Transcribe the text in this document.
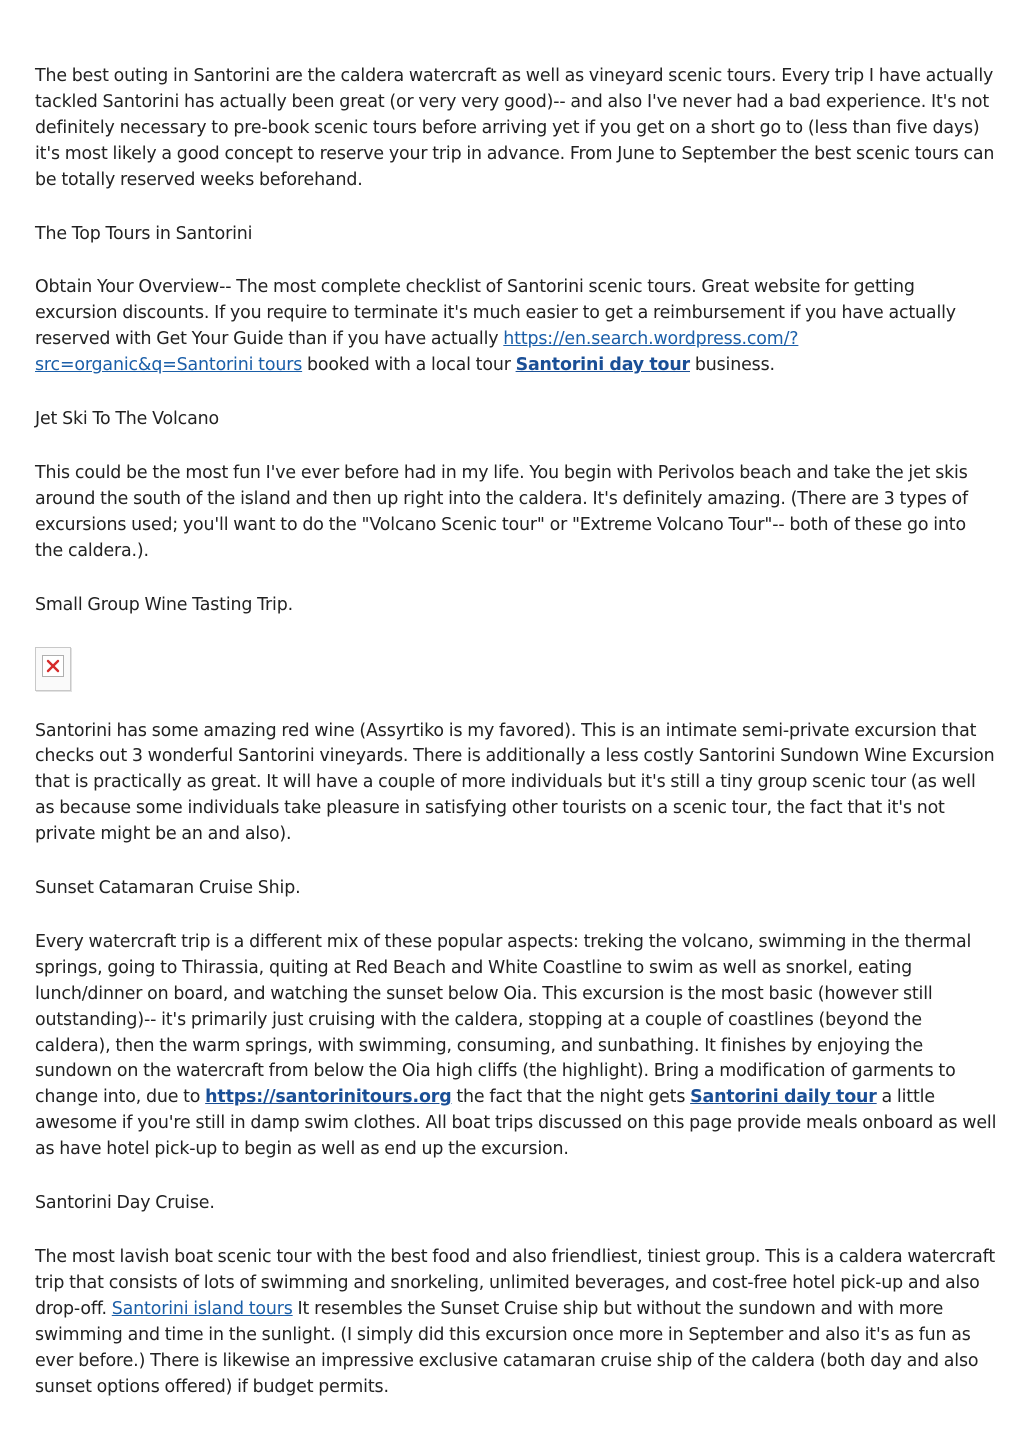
The best outing in Santorini are the caldera watercraft as well as vineyard scenic tours. Every trip I have actually tackled Santorini has actually been great (or very very good)-- and also I've never had a bad experience. It's not definitely necessary to pre-book scenic tours before arriving yet if you get on a short go to (less than five days) it's most likely a good concept to reserve your trip in advance. From June to September the best scenic tours can be totally reserved weeks beforehand.

The Top Tours in Santorini

Obtain Your Overview-- The most complete checklist of Santorini scenic tours. Great website for getting excursion discounts. If you require to terminate it's much easier to get a reimbursement if you have actually reserved with Get Your Guide than if you have actually https://en.search.wordpress.com/?src=organic&q=Santorini tours booked with a local tour Santorini day tour business.

Jet Ski To The Volcano

This could be the most fun I've ever before had in my life. You begin with Perivolos beach and take the jet skis around the south of the island and then up right into the caldera. It's definitely amazing. (There are 3 types of excursions used; you'll want to do the "Volcano Scenic tour" or "Extreme Volcano Tour"-- both of these go into the caldera.).

Small Group Wine Tasting Trip.

Santorini has some amazing red wine (Assyrtiko is my favored). This is an intimate semi-private excursion that checks out 3 wonderful Santorini vineyards. There is additionally a less costly Santorini Sundown Wine Excursion that is practically as great. It will have a couple of more individuals but it's still a tiny group scenic tour (as well as because some individuals take pleasure in satisfying other tourists on a scenic tour, the fact that it's not private might be an and also).

Sunset Catamaran Cruise Ship.

Every watercraft trip is a different mix of these popular aspects: treking the volcano, swimming in the thermal springs, going to Thirassia, quiting at Red Beach and White Coastline to swim as well as snorkel, eating lunch/dinner on board, and watching the sunset below Oia. This excursion is the most basic (however still outstanding)-- it's primarily just cruising with the caldera, stopping at a couple of coastlines (beyond the caldera), then the warm springs, with swimming, consuming, and sunbathing. It finishes by enjoying the sundown on the watercraft from below the Oia high cliffs (the highlight). Bring a modification of garments to change into, due to https://santorinitours.org the fact that the night gets Santorini daily tour a little awesome if you're still in damp swim clothes. All boat trips discussed on this page provide meals onboard as well as have hotel pick-up to begin as well as end up the excursion.

Santorini Day Cruise.

The most lavish boat scenic tour with the best food and also friendliest, tiniest group. This is a caldera watercraft trip that consists of lots of swimming and snorkeling, unlimited beverages, and cost-free hotel pick-up and also drop-off. Santorini island tours It resembles the Sunset Cruise ship but without the sundown and with more swimming and time in the sunlight. (I simply did this excursion once more in September and also it's as fun as ever before.) There is likewise an impressive exclusive catamaran cruise ship of the caldera (both day and also sunset options offered) if budget permits.
